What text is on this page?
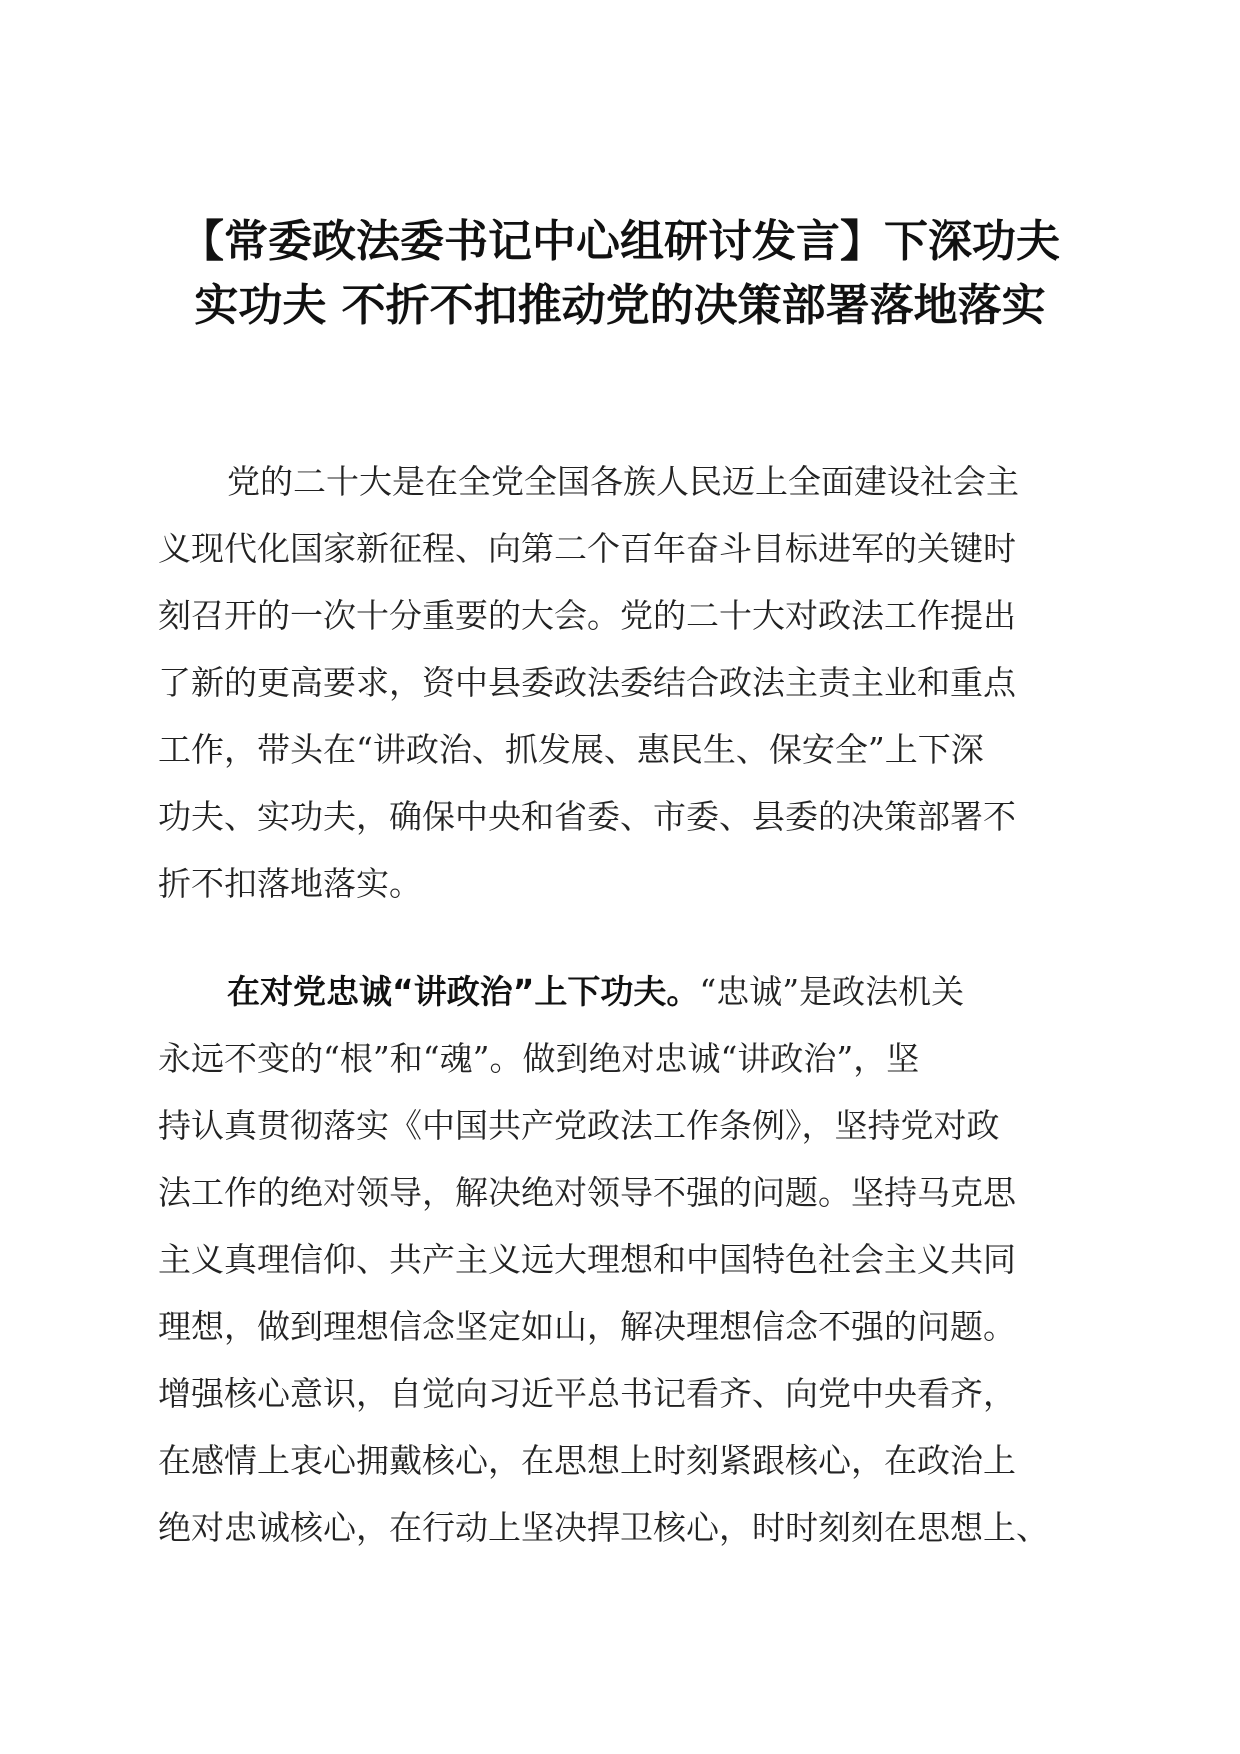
【常委政法委书记中心组研讨发言】下深功夫
实功夫 不折不扣推动党的决策部署落地落实
党的二十大是在全党全国各族人民迈上全面建设社会主
义现代化国家新征程、向第二个百年奋斗目标进军的关键时
刻召开的一次十分重要的大会。党的二十大对政法工作提出
了新的更高要求，资中县委政法委结合政法主责主业和重点
工作，带头在“讲政治、抓发展、惠民生、保安全”上下深
功夫、实功夫，确保中央和省委、市委、县委的决策部署不
折不扣落地落实。
在对党忠诚“讲政治”上下功夫。“忠诚”是政法机关
永远不变的“根”和“魂”。做到绝对忠诚“讲政治”，坚
持认真贯彻落实《中国共产党政法工作条例》，坚持党对政
法工作的绝对领导，解决绝对领导不强的问题。坚持马克思
主义真理信仰、共产主义远大理想和中国特色社会主义共同
理想，做到理想信念坚定如山，解决理想信念不强的问题。
增强核心意识，自觉向习近平总书记看齐、向党中央看齐，
在感情上衷心拥戴核心，在思想上时刻紧跟核心，在政治上
绝对忠诚核心，在行动上坚决捍卫核心，时时刻刻在思想上、
